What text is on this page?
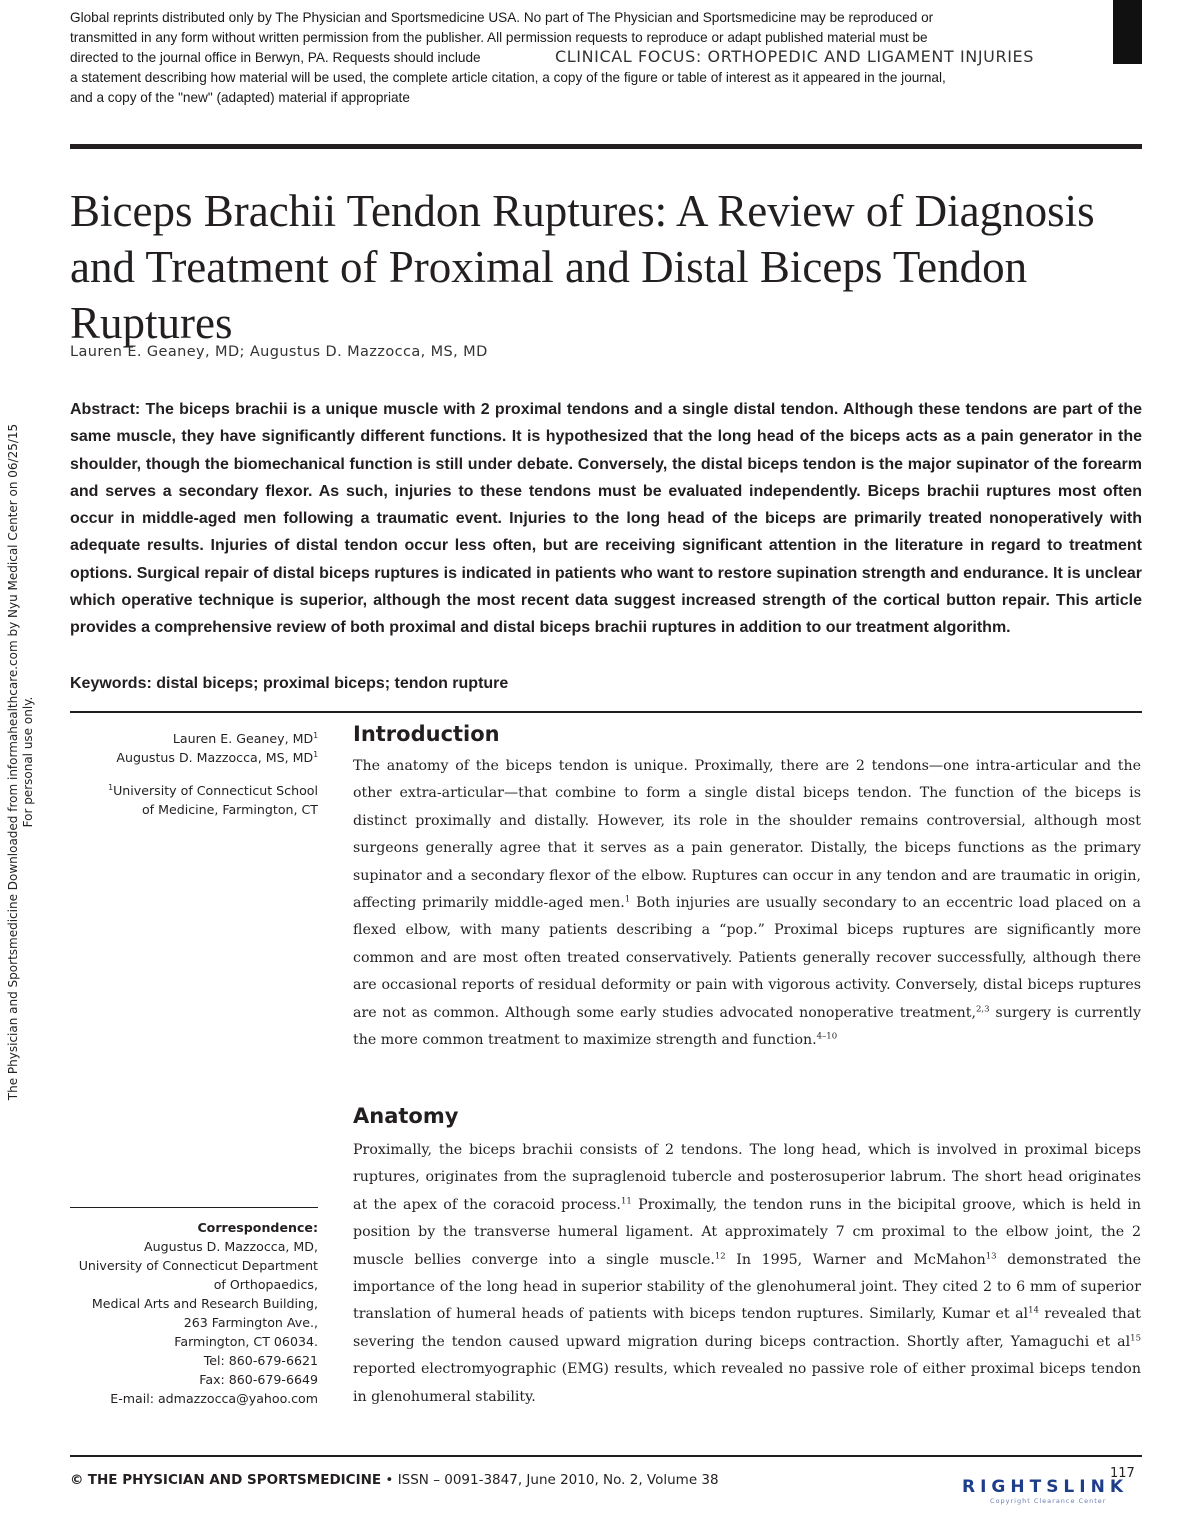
Global reprints distributed only by The Physician and Sportsmedicine USA. No part of The Physician and Sportsmedicine may be reproduced or
transmitted in any form without written permission from the publisher. All permission requests to reproduce or adapt published material must be
directed to the journal office in Berwyn, PA. Requests should include
a statement describing how material will be used, the complete article citation, a copy of the figure or table of interest as it appeared in the journal,
and a copy of the "new" (adapted) material if appropriate
CLINICAL FOCUS: ORTHOPEDIC AND LIGAMENT INJURIES
Biceps Brachii Tendon Ruptures: A Review of Diagnosis and Treatment of Proximal and Distal Biceps Tendon Ruptures
Lauren E. Geaney, MD; Augustus D. Mazzocca, MS, MD
Abstract: The biceps brachii is a unique muscle with 2 proximal tendons and a single distal tendon. Although these tendons are part of the same muscle, they have significantly different functions. It is hypothesized that the long head of the biceps acts as a pain generator in the shoulder, though the biomechanical function is still under debate. Conversely, the distal biceps tendon is the major supinator of the forearm and serves a secondary flexor. As such, injuries to these tendons must be evaluated independently. Biceps brachii ruptures most often occur in middle-aged men following a traumatic event. Injuries to the long head of the biceps are primarily treated nonoperatively with adequate results. Injuries of distal tendon occur less often, but are receiving significant attention in the literature in regard to treatment options. Surgical repair of distal biceps ruptures is indicated in patients who want to restore supination strength and endurance. It is unclear which operative technique is superior, although the most recent data suggest increased strength of the cortical button repair. This article provides a comprehensive review of both proximal and distal biceps brachii ruptures in addition to our treatment algorithm.
Keywords: distal biceps; proximal biceps; tendon rupture
Lauren E. Geaney, $MD^1$
Augustus D. Mazzocca, MS, $MD^1$
$^1$University of Connecticut School
of Medicine, Farmington, CT
Correspondence:
Augustus D. Mazzocca, MD,
University of Connecticut Department
of Orthopaedics,
Medical Arts and Research Building,
263 Farmington Ave.,
Farmington, CT 06034.
Tel: 860-679-6621
Fax: 860-679-6649
E-mail: admazzocca@yahoo.com
Introduction
The anatomy of the biceps tendon is unique. Proximally, there are 2 tendons—one intra-articular and the other extra-articular—that combine to form a single distal biceps tendon. The function of the biceps is distinct proximally and distally. However, its role in the shoulder remains controversial, although most surgeons generally agree that it serves as a pain generator. Distally, the biceps functions as the primary supinator and a secondary flexor of the elbow. Ruptures can occur in any tendon and are traumatic in origin, affecting primarily middle-aged men.$^1$ Both injuries are usually secondary to an eccentric load placed on a flexed elbow, with many patients describing a “pop.” Proximal biceps ruptures are significantly more common and are most often treated conservatively. Patients generally recover successfully, although there are occasional reports of residual deformity or pain with vigorous activity. Conversely, distal biceps ruptures are not as common. Although some early studies advocated nonoperative treatment,$^{2,3}$ surgery is currently the more common treatment to maximize strength and function.$^{4-10}$
Anatomy
Proximally, the biceps brachii consists of 2 tendons. The long head, which is involved in proximal biceps ruptures, originates from the supraglenoid tubercle and posterosuperior labrum. The short head originates at the apex of the coracoid process.$^{11}$ Proximally, the tendon runs in the bicipital groove, which is held in position by the transverse humeral ligament. At approximately 7 cm proximal to the elbow joint, the 2 muscle bellies converge into a single muscle.$^{12}$ In 1995, Warner and McMahon$^{13}$ demonstrated the importance of the long head in superior stability of the glenohumeral joint. They cited 2 to 6 mm of superior translation of humeral heads of patients with biceps tendon ruptures. Similarly, Kumar et $al^{14}$ revealed that severing the tendon caused upward migration during biceps contraction. Shortly after, Yamaguchi et $al^{15}$ reported electromyographic (EMG) results, which revealed no passive role of either proximal biceps tendon in glenohumeral stability.
The Physician and Sportsmedicine Downloaded from informahealthcare.com by Nyu Medical Center on 06/25/15 For personal use only.
© THE PHYSICIAN AND SPORTSMEDICINE • ISSN – 0091-3847, June 2010, No. 2, Volume 38	117
RIGHTSLINK
Copyright Clearance Center
